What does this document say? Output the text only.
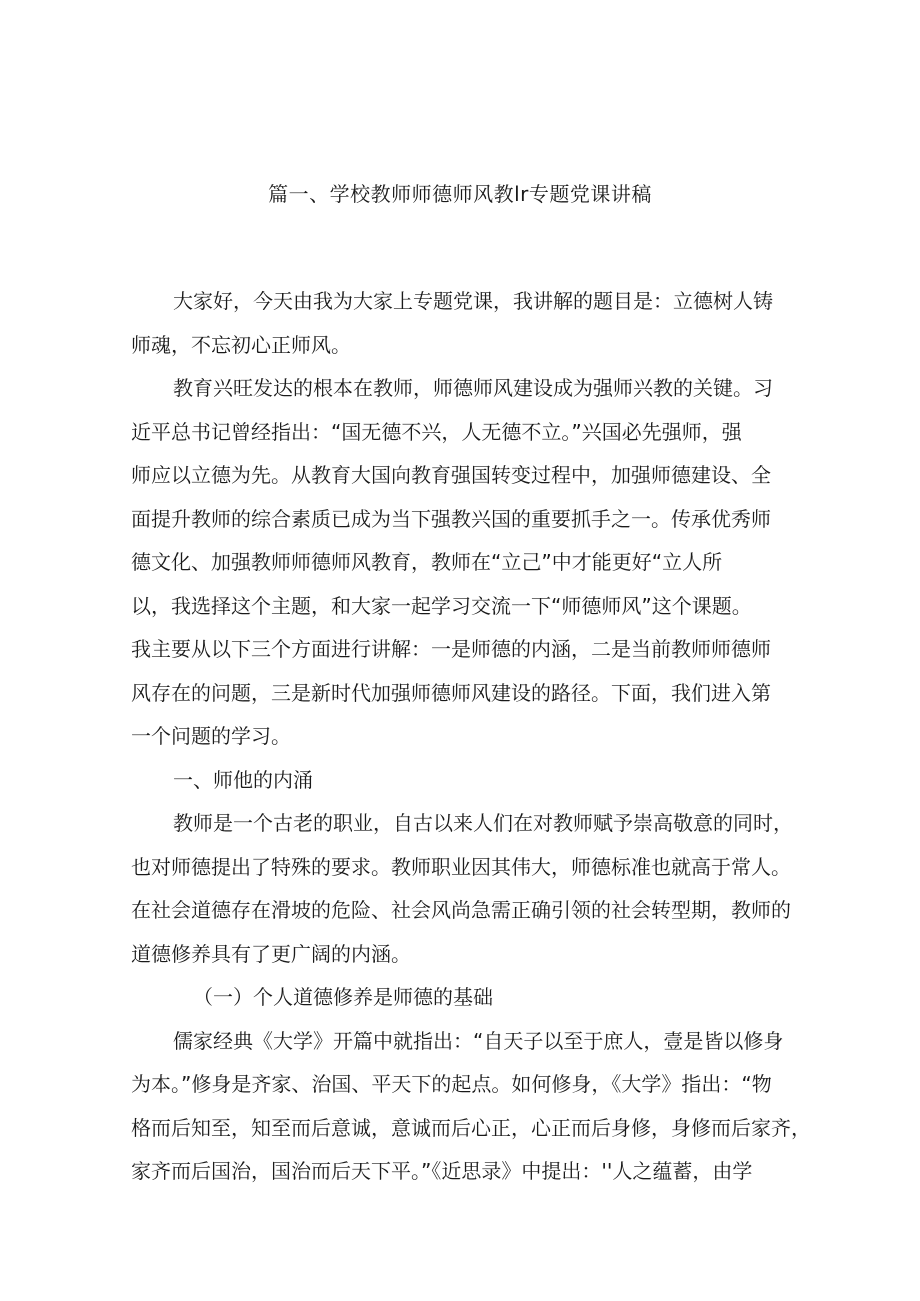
篇一、学校教师师德师风教lr专题党课讲稿

大家好，今天由我为大家上专题党课，我讲解的题目是：立德树人铸
师魂，不忘初心正师风。

教育兴旺发达的根本在教师，师德师风建设成为强师兴教的关键。习
近平总书记曾经指出：“国无德不兴，人无德不立。”兴国必先强师，强
师应以立德为先。从教育大国向教育强国转变过程中，加强师德建设、全
面提升教师的综合素质已成为当下强教兴国的重要抓手之一。传承优秀师
德文化、加强教师师德师风教育，教师在“立己”中才能更好“立人所
以，我选择这个主题，和大家一起学习交流一下“师德师风”这个课题。
我主要从以下三个方面进行讲解：一是师德的内涵，二是当前教师师德师
风存在的问题，三是新时代加强师德师风建设的路径。下面，我们进入第
一个问题的学习。

一、师他的内涌

教师是一个古老的职业，自古以来人们在对教师赋予崇高敬意的同时，
也对师德提出了特殊的要求。教师职业因其伟大，师德标准也就高于常人。
在社会道德存在滑坡的危险、社会风尚急需正确引领的社会转型期，教师的
道德修养具有了更广阔的内涵。

（一）个人道德修养是师德的基础

儒家经典《大学》开篇中就指出：“自天子以至于庶人，壹是皆以修身
为本。”修身是齐家、治国、平天下的起点。如何修身，《大学》指出：“物
格而后知至，知至而后意诚，意诚而后心正，心正而后身修，身修而后家齐，
家齐而后国治，国治而后天下平。”《近思录》中提出：''人之蕴蓄，由学
